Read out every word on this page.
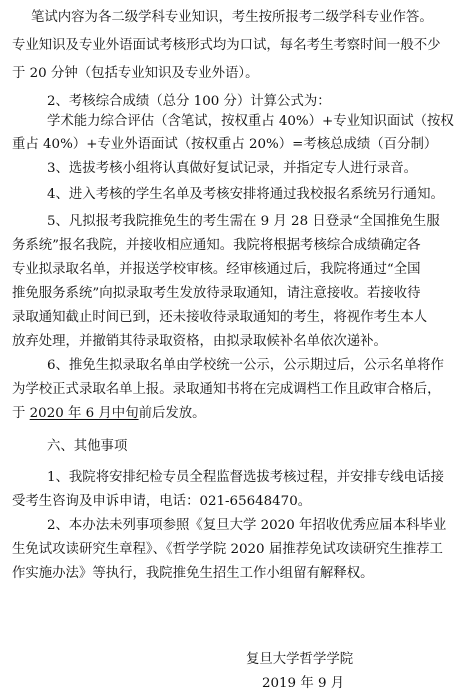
笔试内容为各二级学科专业知识，考生按所报考二级学科专业作答。
专业知识及专业外语面试考核形式均为口试，每名考生考察时间一般不少
于 20 分钟（包括专业知识及专业外语）。
2、考核综合成绩（总分 100 分）计算公式为：
学术能力综合评估（含笔试，按权重占 40%）+专业知识面试（按权
重占 40%）+专业外语面试（按权重占 20%）=考核总成绩（百分制）
3、选拔考核小组将认真做好复试记录，并指定专人进行录音。
4、进入考核的学生名单及考核安排将通过我校报名系统另行通知。
5、凡拟报考我院推免生的考生需在 9 月 28 日登录“全国推免生服
务系统”报名我院，并接收相应通知。我院将根据考核综合成绩确定各
专业拟录取名单，并报送学校审核。经审核通过后，我院将通过“全国
推免服务系统”向拟录取考生发放待录取通知，请注意接收。若接收待
录取通知截止时间已到，还未接收待录取通知的考生，将视作考生本人
放弃处理，并撤销其待录取资格，由拟录取候补名单依次递补。
6、推免生拟录取名单由学校统一公示，公示期过后，公示名单将作
为学校正式录取名单上报。录取通知书将在完成调档工作且政审合格后，
于 2020 年 6 月中旬前后发放。
六、其他事项
1、我院将安排纪检专员全程监督选拔考核过程，并安排专线电话接
受考生咨询及申诉申请，电话：021-65648470。
2、本办法未列事项参照《复旦大学 2020 年招收优秀应届本科毕业
生免试攻读研究生章程》、《哲学学院 2020 届推荐免试攻读研究生推荐工
作实施办法》等执行，我院推免生招生工作小组留有解释权。
复旦大学哲学学院
2019 年 9 月
